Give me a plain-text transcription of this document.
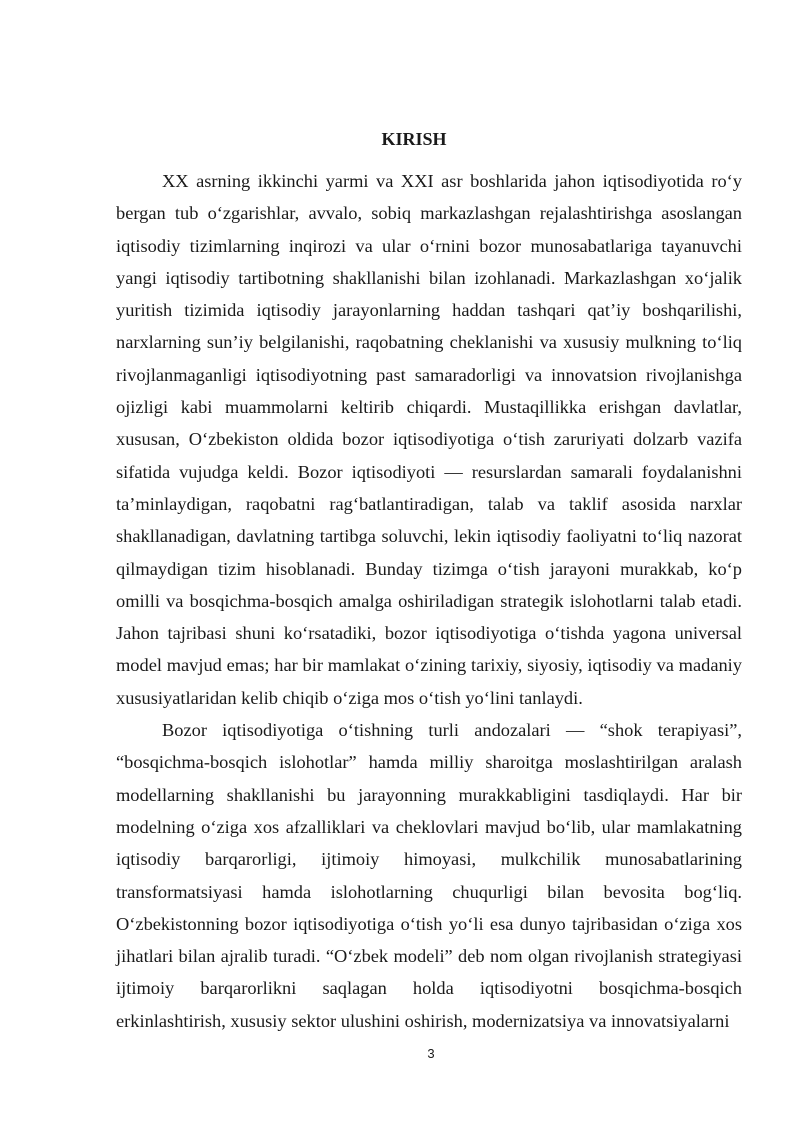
KIRISH

XX asrning ikkinchi yarmi va XXI asr boshlarida jahon iqtisodiyotida ro‘y bergan tub o‘zgarishlar, avvalo, sobiq markazlashgan rejalashtirishga asoslangan iqtisodiy tizimlarning inqirozi va ular o‘rnini bozor munosabatlariga tayanuvchi yangi iqtisodiy tartibotning shakllanishi bilan izohlanadi. Markazlashgan xo‘jalik yuritish tizimida iqtisodiy jarayonlarning haddan tashqari qat’iy boshqarilishi, narxlarning sun’iy belgilanishi, raqobatning cheklanishi va xususiy mulkning to‘liq rivojlanmaganligi iqtisodiyotning past samaradorligi va innovatsion rivojlanishga ojizligi kabi muammolarni keltirib chiqardi. Mustaqillikka erishgan davlatlar, xususan, O‘zbekiston oldida bozor iqtisodiyotiga o‘tish zaruriyati dolzarb vazifa sifatida vujudga keldi. Bozor iqtisodiyoti — resurslardan samarali foydalanishni ta’minlaydigan, raqobatni rag‘batlantiradigan, talab va taklif asosida narxlar shakllanadigan, davlatning tartibga soluvchi, lekin iqtisodiy faoliyatni to‘liq nazorat qilmaydigan tizim hisoblanadi. Bunday tizimga o‘tish jarayoni murakkab, ko‘p omilli va bosqichma-bosqich amalga oshiriladigan strategik islohotlarni talab etadi. Jahon tajribasi shuni ko‘rsatadiki, bozor iqtisodiyotiga o‘tishda yagona universal model mavjud emas; har bir mamlakat o‘zining tarixiy, siyosiy, iqtisodiy va madaniy xususiyatlaridan kelib chiqib o‘ziga mos o‘tish yo‘lini tanlaydi.

Bozor iqtisodiyotiga o‘tishning turli andozalari — “shok terapiyasi”, “bosqichma-bosqich islohotlar” hamda milliy sharoitga moslashtirilgan aralash modellarning shakllanishi bu jarayonning murakkabligini tasdiqlaydi. Har bir modelning o‘ziga xos afzalliklari va cheklovlari mavjud bo‘lib, ular mamlakatning iqtisodiy barqarorligi, ijtimoiy himoyasi, mulkchilik munosabatlarining transformatsiyasi hamda islohotlarning chuqurligi bilan bevosita bog‘liq. O‘zbekistonning bozor iqtisodiyotiga o‘tish yo‘li esa dunyo tajribasidan o‘ziga xos jihatlari bilan ajralib turadi. “O‘zbek modeli” deb nom olgan rivojlanish strategiyasi ijtimoiy barqarorlikni saqlagan holda iqtisodiyotni bosqichma-bosqich erkinlashtirish, xususiy sektor ulushini oshirish, modernizatsiya va innovatsiyalarni

3
